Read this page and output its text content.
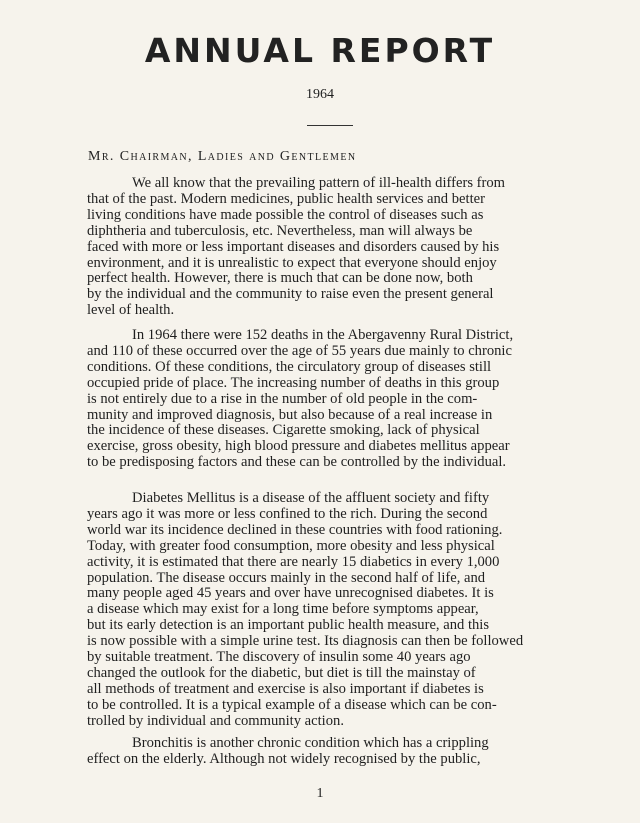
ANNUAL REPORT
1964
Mr. Chairman, Ladies and Gentlemen
We all know that the prevailing pattern of ill-health differs from
that of the past. Modern medicines, public health services and better
living conditions have made possible the control of diseases such as
diphtheria and tuberculosis, etc. Nevertheless, man will always be
faced with more or less important diseases and disorders caused by his
environment, and it is unrealistic to expect that everyone should enjoy
perfect health. However, there is much that can be done now, both
by the individual and the community to raise even the present general
level of health.
In 1964 there were 152 deaths in the Abergavenny Rural District,
and 110 of these occurred over the age of 55 years due mainly to chronic
conditions. Of these conditions, the circulatory group of diseases still
occupied pride of place. The increasing number of deaths in this group
is not entirely due to a rise in the number of old people in the com-
munity and improved diagnosis, but also because of a real increase in
the incidence of these diseases. Cigarette smoking, lack of physical
exercise, gross obesity, high blood pressure and diabetes mellitus appear
to be predisposing factors and these can be controlled by the individual.
Diabetes Mellitus is a disease of the affluent society and fifty
years ago it was more or less confined to the rich. During the second
world war its incidence declined in these countries with food rationing.
Today, with greater food consumption, more obesity and less physical
activity, it is estimated that there are nearly 15 diabetics in every 1,000
population. The disease occurs mainly in the second half of life, and
many people aged 45 years and over have unrecognised diabetes. It is
a disease which may exist for a long time before symptoms appear,
but its early detection is an important public health measure, and this
is now possible with a simple urine test. Its diagnosis can then be followed
by suitable treatment. The discovery of insulin some 40 years ago
changed the outlook for the diabetic, but diet is till the mainstay of
all methods of treatment and exercise is also important if diabetes is
to be controlled. It is a typical example of a disease which can be con-
trolled by individual and community action.
Bronchitis is another chronic condition which has a crippling
effect on the elderly. Although not widely recognised by the public,
1
